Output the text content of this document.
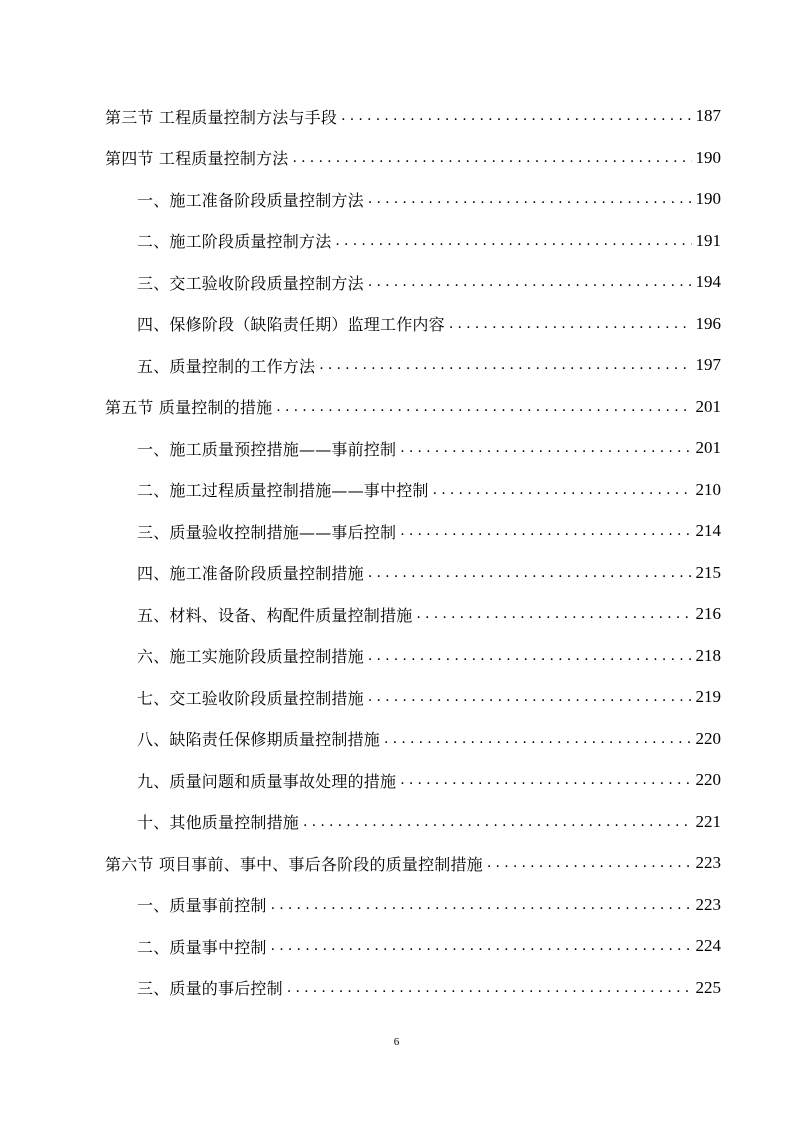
第三节 工程质量控制方法与手段 .....	187
第四节 工程质量控制方法 .....	190
一、施工准备阶段质量控制方法 .....	190
二、施工阶段质量控制方法 .....	191
三、交工验收阶段质量控制方法 .....	194
四、保修阶段（缺陷责任期）监理工作内容 .....	196
五、质量控制的工作方法 .....	197
第五节 质量控制的措施 .....	201
一、施工质量预控措施——事前控制 .....	201
二、施工过程质量控制措施——事中控制 .....	210
三、质量验收控制措施——事后控制 .....	214
四、施工准备阶段质量控制措施 .....	215
五、材料、设备、构配件质量控制措施 .....	216
六、施工实施阶段质量控制措施 .....	218
七、交工验收阶段质量控制措施 .....	219
八、缺陷责任保修期质量控制措施 .....	220
九、质量问题和质量事故处理的措施 .....	220
十、其他质量控制措施 .....	221
第六节 项目事前、事中、事后各阶段的质量控制措施 .....	223
一、质量事前控制 .....	223
二、质量事中控制 .....	224
三、质量的事后控制 .....	225
6
